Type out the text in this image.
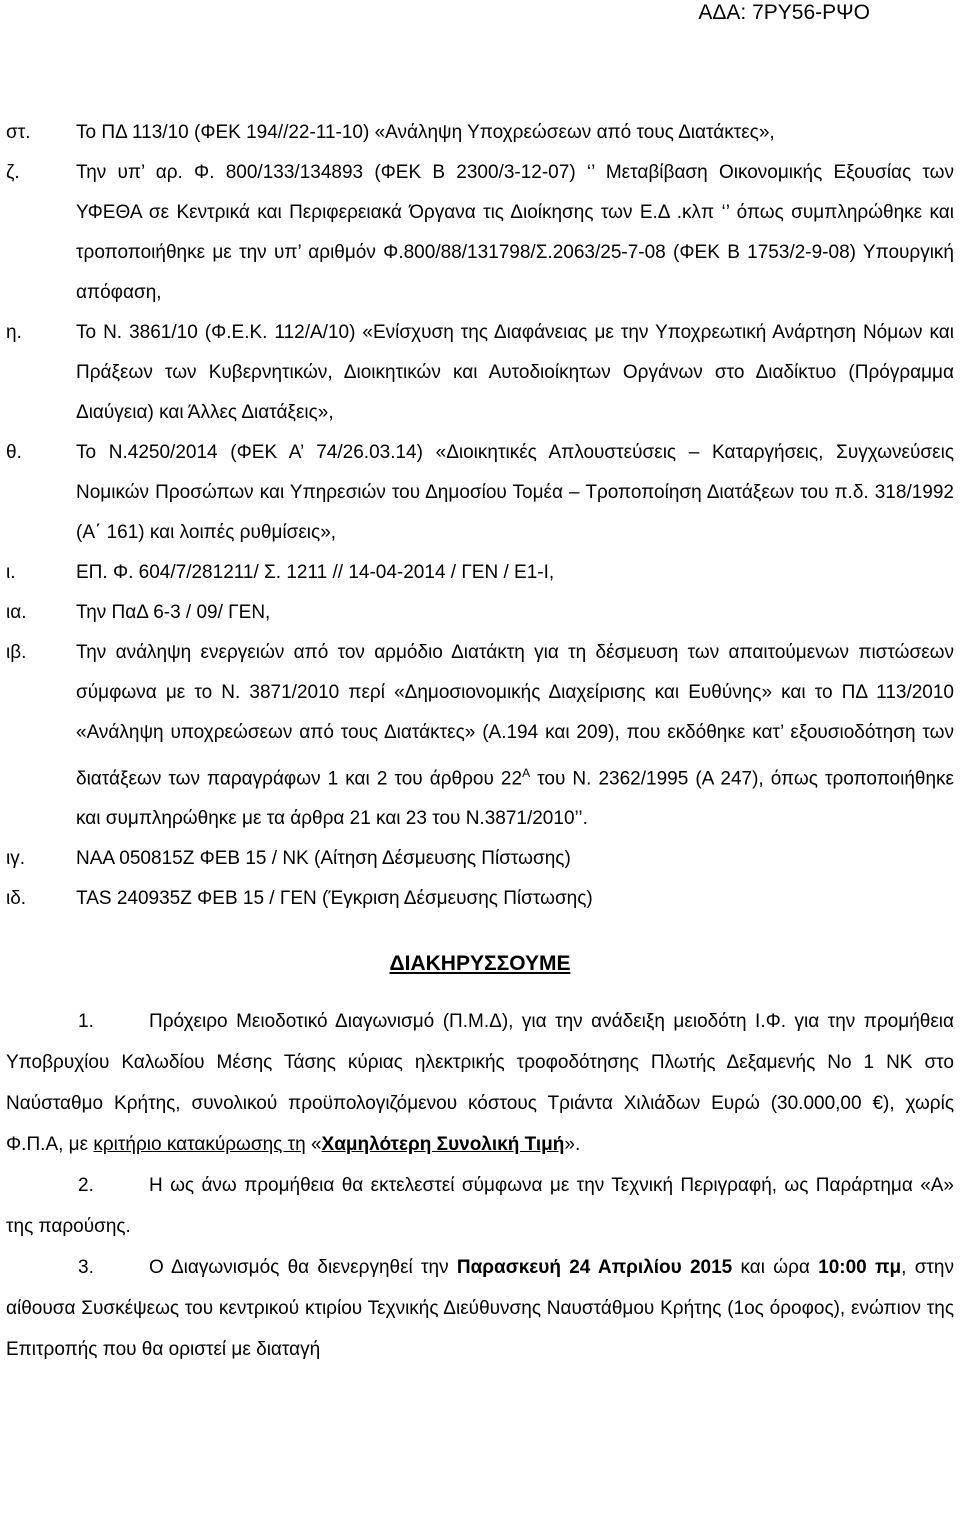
ΑΔΑ: 7ΡΥ56-ΡΨΟ
στ.	Το ΠΔ 113/10 (ΦΕΚ 194//22-11-10) «Ανάληψη Υποχρεώσεων από τους Διατάκτες»,
ζ.	Την υπ’ αρ. Φ. 800/133/134893 (ΦΕΚ Β 2300/3-12-07) ‘’ Μεταβίβαση Οικονομικής Εξουσίας των ΥΦΕΘΑ σε Κεντρικά και Περιφερειακά Όργανα τις Διοίκησης των Ε.Δ .κλπ ‘’ όπως συμπληρώθηκε και τροποποιήθηκε με την υπ’ αριθμόν Φ.800/88/131798/Σ.2063/25-7-08 (ΦΕΚ Β 1753/2-9-08) Υπουργική απόφαση,
η.	Το Ν. 3861/10 (Φ.Ε.Κ. 112/Α/10) «Ενίσχυση της Διαφάνειας με την Υποχρεωτική Ανάρτηση Νόμων και Πράξεων των Κυβερνητικών, Διοικητικών και Αυτοδιοίκητων Οργάνων στο Διαδίκτυο (Πρόγραμμα Διαύγεια) και Άλλες Διατάξεις»,
θ.	Το Ν.4250/2014 (ΦΕΚ Α’ 74/26.03.14) «Διοικητικές Απλουστεύσεις – Καταργήσεις, Συγχωνεύσεις Νομικών Προσώπων και Υπηρεσιών του Δημοσίου Τομέα – Τροποποίηση Διατάξεων του π.δ. 318/1992 (Α΄ 161) και λοιπές ρυθμίσεις»,
ι.	ΕΠ. Φ. 604/7/281211/ Σ. 1211 // 14-04-2014 / ΓΕΝ / Ε1-Ι,
ια.	Την ΠαΔ 6-3 / 09/ ΓΕΝ,
ιβ.	Την ανάληψη ενεργειών από τον αρμόδιο Διατάκτη για τη δέσμευση των απαιτούμενων πιστώσεων σύμφωνα με το Ν. 3871/2010 περί «Δημοσιονομικής Διαχείρισης και Ευθύνης» και το ΠΔ 113/2010 «Ανάληψη υποχρεώσεων από τους Διατάκτες» (Α.194 και 209), που εκδόθηκε κατ’ εξουσιοδότηση των διατάξεων των παραγράφων 1 και 2 του άρθρου $22^A$ του Ν. 2362/1995 (Α 247), όπως τροποποιήθηκε και συμπληρώθηκε με τα άρθρα 21 και 23 του Ν.3871/2010’’.
ιγ.	ΝΑΑ 050815Ζ ΦΕΒ 15 / ΝΚ (Αίτηση Δέσμευσης Πίστωσης)
ιδ.	TAS 240935Z ΦΕΒ 15 / ΓΕΝ (Έγκριση Δέσμευσης Πίστωσης)
ΔΙΑΚΗΡΥΣΣΟΥΜΕ
1.	Πρόχειρο Μειοδοτικό Διαγωνισμό (Π.Μ.Δ), για την ανάδειξη μειοδότη Ι.Φ. για την προμήθεια Υποβρυχίου Καλωδίου Μέσης Τάσης κύριας ηλεκτρικής τροφοδότησης Πλωτής Δεξαμενής Νο 1 ΝΚ στο Ναύσταθμο Κρήτης, συνολικού προϋπολογιζόμενου κόστους Τριάντα Χιλιάδων Ευρώ (30.000,00 €), χωρίς Φ.Π.Α, με κριτήριο κατακύρωσης τη «Χαμηλότερη Συνολική Τιμή».
2.	Η ως άνω προμήθεια θα εκτελεστεί σύμφωνα με την Τεχνική Περιγραφή, ως Παράρτημα «Α» της παρούσης.
3.	Ο Διαγωνισμός θα διενεργηθεί την Παρασκευή 24 Απριλίου 2015 και ώρα 10:00 πμ, στην αίθουσα Συσκέψεως του κεντρικού κτιρίου Τεχνικής Διεύθυνσης Ναυστάθμου Κρήτης (1ος όροφος), ενώπιον της Επιτροπής που θα οριστεί με διαταγή
